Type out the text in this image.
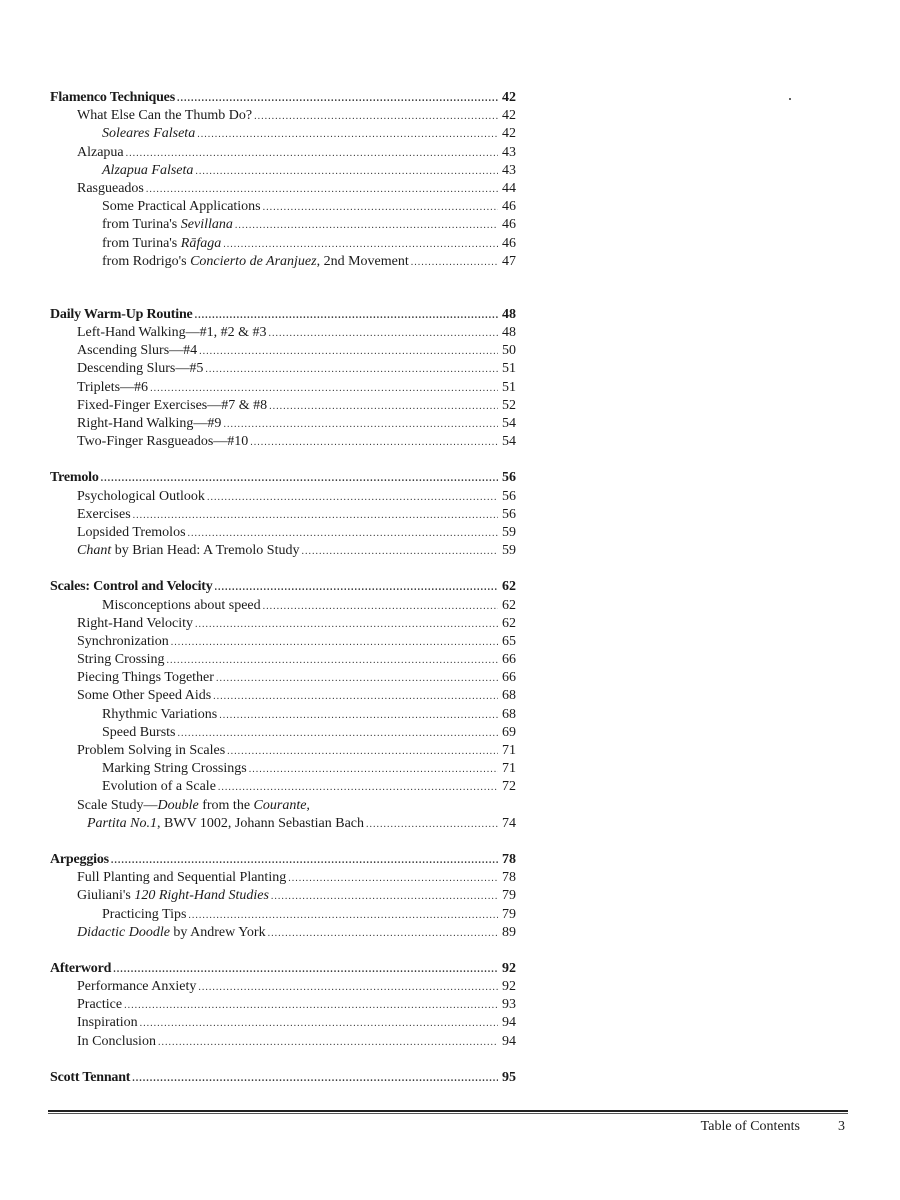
Flamenco Techniques .....	42
What Else Can the Thumb Do? .....	42
Soleares Falseta .....	42
Alzapua .....	43
Alzapua Falseta .....	43
Rasgueados .....	44
Some Practical Applications .....	46
from Turina's Sevillana .....	46
from Turina's Rāfaga .....	46
from Rodrigo's Concierto de Aranjuez, 2nd Movement .....	47
Daily Warm-Up Routine .....	48
Left-Hand Walking—#1, #2 & #3 .....	48
Ascending Slurs—#4 .....	50
Descending Slurs—#5 .....	51
Triplets—#6 .....	51
Fixed-Finger Exercises—#7 & #8 .....	52
Right-Hand Walking—#9 .....	54
Two-Finger Rasgueados—#10 .....	54
Tremolo .....	56
Psychological Outlook .....	56
Exercises .....	56
Lopsided Tremolos .....	59
Chant by Brian Head: A Tremolo Study .....	59
Scales: Control and Velocity .....	62
Misconceptions about speed .....	62
Right-Hand Velocity .....	62
Synchronization .....	65
String Crossing .....	66
Piecing Things Together .....	66
Some Other Speed Aids .....	68
Rhythmic Variations .....	68
Speed Bursts .....	69
Problem Solving in Scales .....	71
Marking String Crossings .....	71
Evolution of a Scale .....	72
Scale Study—Double from the Courante,
Partita No.1, BWV 1002, Johann Sebastian Bach .....	74
Arpeggios .....	78
Full Planting and Sequential Planting .....	78
Giuliani's 120 Right-Hand Studies .....	79
Practicing Tips .....	79
Didactic Doodle by Andrew York .....	89
Afterword .....	92
Performance Anxiety .....	92
Practice .....	93
Inspiration .....	94
In Conclusion .....	94
Scott Tennant .....	95
Table of Contents	3
